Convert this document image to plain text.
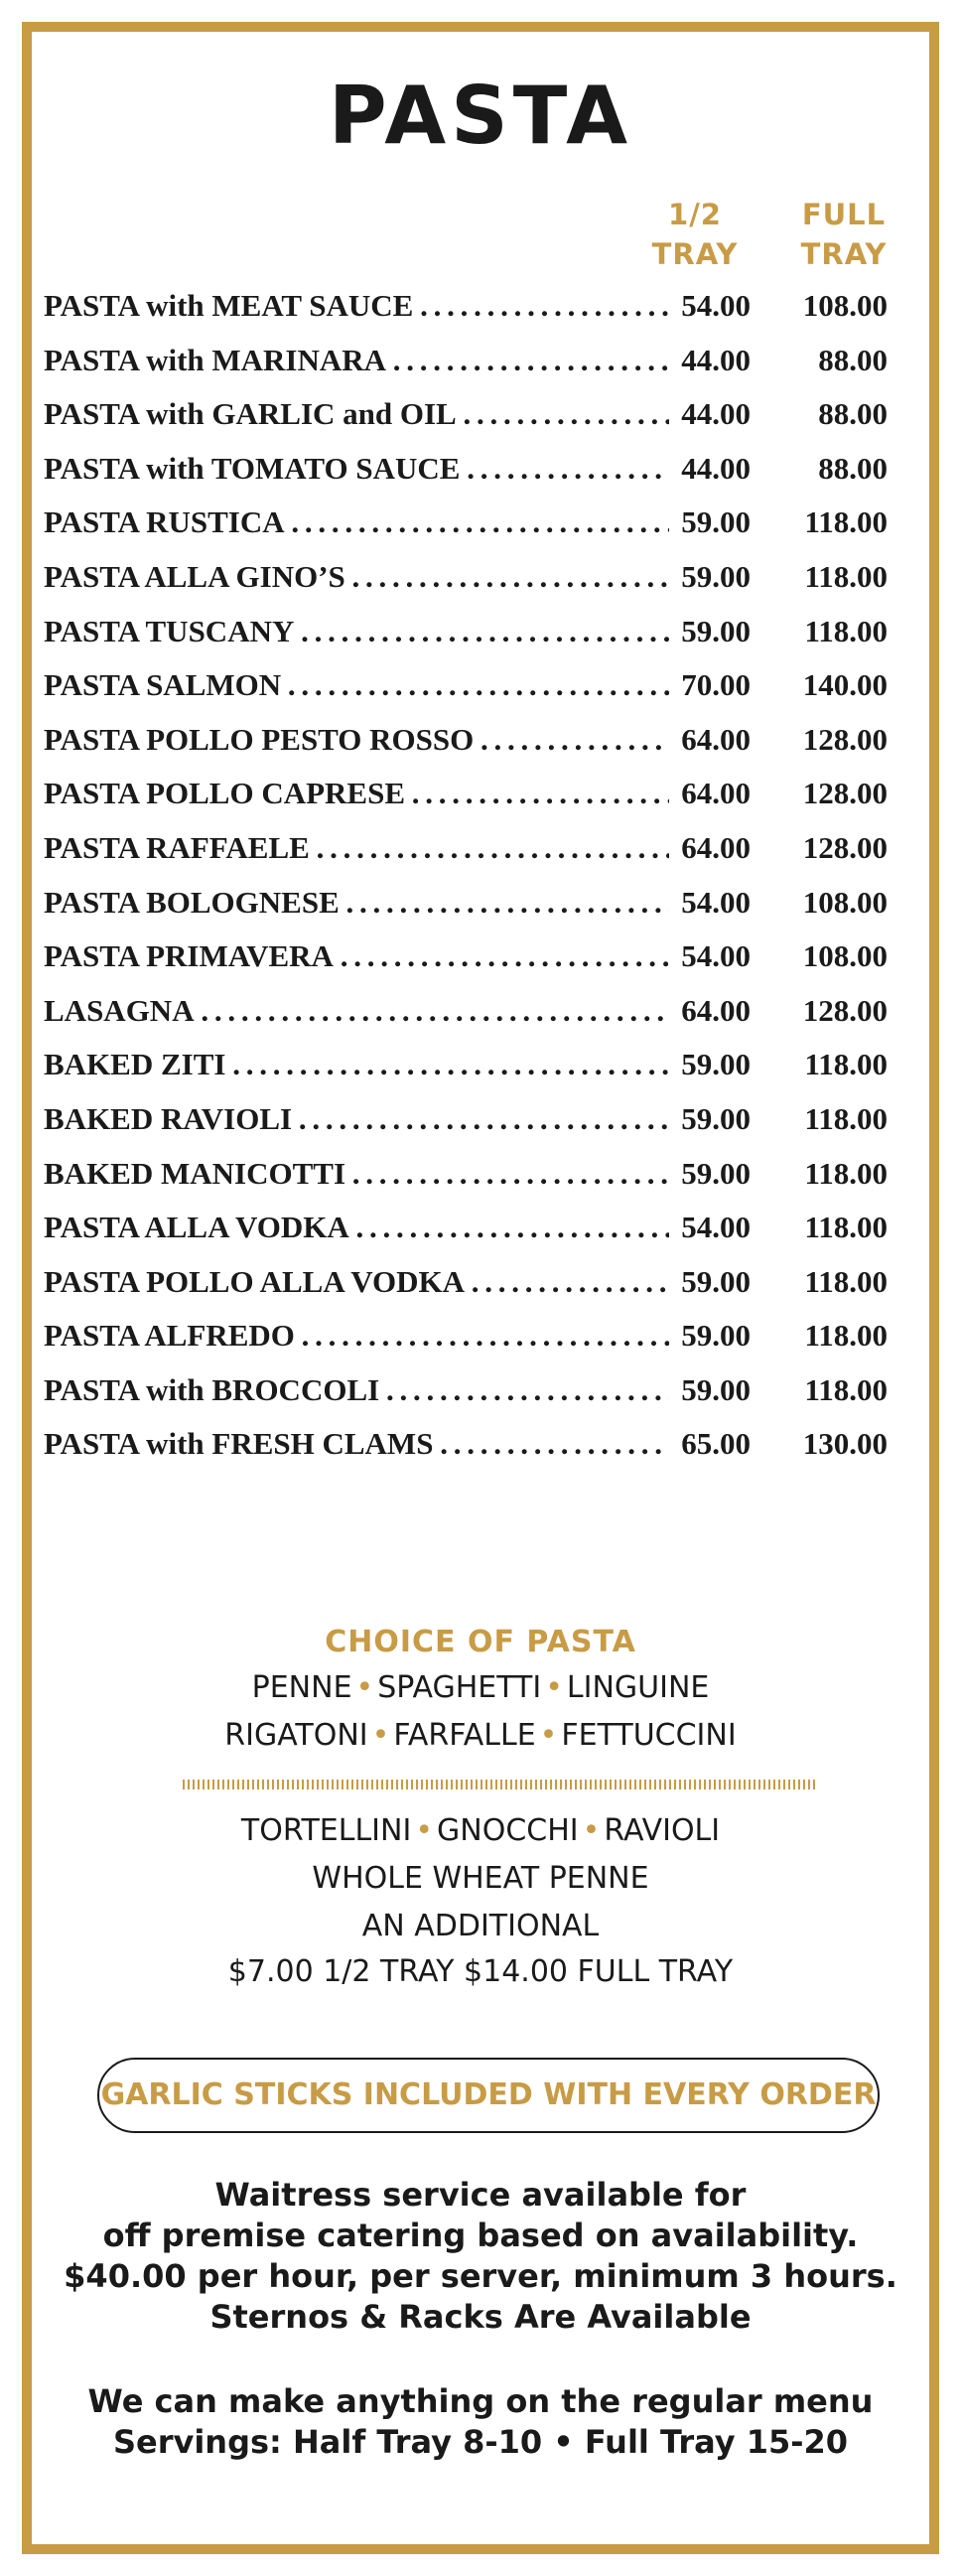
PASTA
1/2
TRAY
FULL
TRAY
PASTA with MEAT SAUCE . . .	54.00	108.00
PASTA with MARINARA . . .	44.00	88.00
PASTA with GARLIC and OIL . . .	44.00	88.00
PASTA with TOMATO SAUCE . . .	44.00	88.00
PASTA RUSTICA . . .	59.00	118.00
PASTA ALLA GINO’S . . .	59.00	118.00
PASTA TUSCANY . . .	59.00	118.00
PASTA SALMON . . .	70.00	140.00
PASTA POLLO PESTO ROSSO . . .	64.00	128.00
PASTA POLLO CAPRESE . . .	64.00	128.00
PASTA RAFFAELE . . .	64.00	128.00
PASTA BOLOGNESE . . .	54.00	108.00
PASTA PRIMAVERA . . .	54.00	108.00
LASAGNA . . .	64.00	128.00
BAKED ZITI . . .	59.00	118.00
BAKED RAVIOLI . . .	59.00	118.00
BAKED MANICOTTI . . .	59.00	118.00
PASTA ALLA VODKA . . .	54.00	118.00
PASTA POLLO ALLA VODKA . . .	59.00	118.00
PASTA ALFREDO . . .	59.00	118.00
PASTA with BROCCOLI . . .	59.00	118.00
PASTA with FRESH CLAMS . . .	65.00	130.00
CHOICE OF PASTA
PENNE • SPAGHETTI • LINGUINE
RIGATONI • FARFALLE • FETTUCCINI
TORTELLINI • GNOCCHI • RAVIOLI
WHOLE WHEAT PENNE
AN ADDITIONAL
$7.00 1/2 TRAY $14.00 FULL TRAY
GARLIC STICKS INCLUDED WITH EVERY ORDER
Waitress service available for
off premise catering based on availability.
$40.00 per hour, per server, minimum 3 hours.
Sternos & Racks Are Available
We can make anything on the regular menu
Servings: Half Tray 8-10 • Full Tray 15-20
